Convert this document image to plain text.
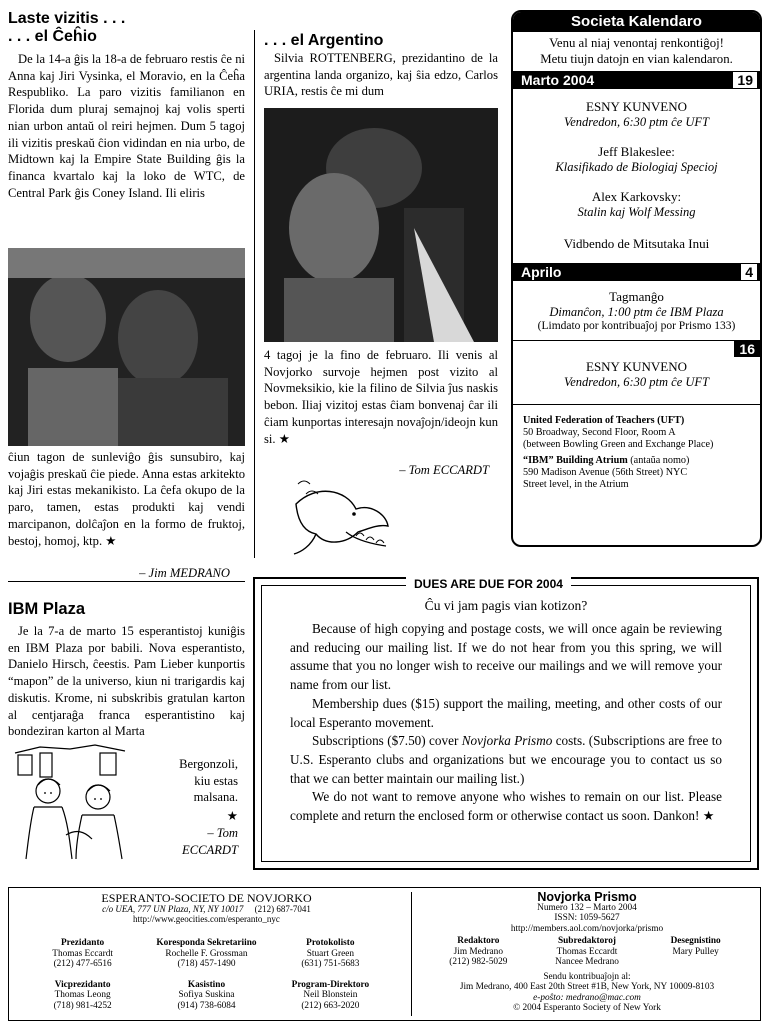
Laste vizitis . . .
. . . el Ĉeĥio

De la 14-a ĝis la 18-a de februaro restis ĉe ni Anna kaj Jiri Vysinka, el Moravio, en la Ĉeĥa Respubliko. La paro vizitis familianon en Florida dum pluraj semajnoj kaj volis sperti nian urbon antaŭ ol reiri hejmen. Dum 5 tagoj ili vizitis preskaŭ ĉion vidindan en nia urbo, de Midtown kaj la Empire State Building ĝis la financa kvartalo kaj la loko de WTC, de Central Park ĝis Coney Island. Ili eliris

ĉiun tagon de sunleviĝo ĝis sunsubiro, kaj vojaĝis preskaŭ ĉie piede. Anna estas arkitekto kaj Jiri estas mekanikisto. La ĉefa okupo de la paro, tamen, estas produkti kaj vendi marcipanon, dolĉaĵon en la formo de fruktoj, bestoj, homoj, ktp. ★

– Jim MEDRANO
. . . el Argentino

Silvia ROTTENBERG, prezidantino de la argentina landa organizo, kaj ŝia edzo, Carlos URIA, restis ĉe mi dum

4 tagoj je la fino de februaro. Ili venis al Novjorko survoje hejmen post vizito al Novmeksikio, kie la filino de Silvia ĵus naskis bebon. Iliaj vizitoj estas ĉiam bonvenaj ĉar ili ĉiam kunportas interesajn novaĵojn/ideojn kun si. ★

– Tom ECCARDT
Societa Kalendaro
Venu al niaj venontaj renkontiĝoj!
Metu tiujn datojn en vian kalendaron.
Marto 2004	19
ESNY KUNVENO
Vendredon, 6:30 ptm ĉe UFT
Jeff Blakeslee:
Klasifikado de Biologiaj Specioj
Alex Karkovsky:
Stalin kaj Wolf Messing
Vidbendo de Mitsutaka Inui
Aprilo	4
Tagmanĝo
Dimanĉon, 1:00 ptm ĉe IBM Plaza
(Limdato por kontribuaĵoj por Prismo 133)
16
ESNY KUNVENO
Vendredon, 6:30 ptm ĉe UFT
United Federation of Teachers (UFT)
50 Broadway, Second Floor, Room A
(between Bowling Green and Exchange Place)
“IBM” Building Atrium (antaŭa nomo)
590 Madison Avenue (56th Street) NYC
Street level, in the Atrium
IBM Plaza

Je la 7-a de marto 15 esperantistoj kuniĝis en IBM Plaza por babili. Nova esperantisto, Danielo Hirsch, ĉeestis. Pam Lieber kunportis “mapon” de la universo, kiun ni trarigardis kaj diskutis. Krome, ni subskribis gratulan karton al centjaraĝa franca esperantistino kaj bondeziran karton al Marta

Bergonzoli,
kiu estas
malsana.
★
– Tom
ECCARDT
DUES ARE DUE FOR 2004
Ĉu vi jam pagis vian kotizon?

Because of high copying and postage costs, we will once again be reviewing and reducing our mailing list. If we do not hear from you this spring, we will assume that you no longer wish to receive our mailings and we will remove your name from our list.

Membership dues ($15) support the mailing, meeting, and other costs of our local Esperanto movement.

Subscriptions ($7.50) cover Novjorka Prismo costs. (Subscriptions are free to U.S. Esperanto clubs and organizations but we encourage you to contact us so that we can better maintain our mailing list.)

We do not want to remove anyone who wishes to remain on our list. Please complete and return the enclosed form or otherwise contact us soon. Dankon! ★

ESPERANTO-SOCIETO DE NOVJORKO
c/o UEA, 777 UN Plaza, NY, NY 10017 (212) 687-7041
http://www.geocities.com/esperanto_nyc
Prezidanto
Thomas Eccardt
(212) 477-6516
Koresponda Sekretariino
Rochelle F. Grossman
(718) 457-1490
Protokolisto
Stuart Green
(631) 751-5683
Vicprezidanto
Thomas Leong
(718) 981-4252
Kasistino
Sofiya Suskina
(914) 738-6084
Program-Direktoro
Neil Blonstein
(212) 663-2020
Novjorka Prismo
Numero 132 – Marto 2004
ISSN: 1059-5627
http://members.aol.com/novjorka/prismo
Redaktoro
Jim Medrano
(212) 982-5029
Subredaktoroj
Thomas Eccardt
Nancee Medrano
Desegnistino
Mary Pulley
Sendu kontribuaĵojn al:
Jim Medrano, 400 East 20th Street #1B, New York, NY 10009-8103
e-poŝto: medrano@mac.com
© 2004 Esperanto Society of New York
